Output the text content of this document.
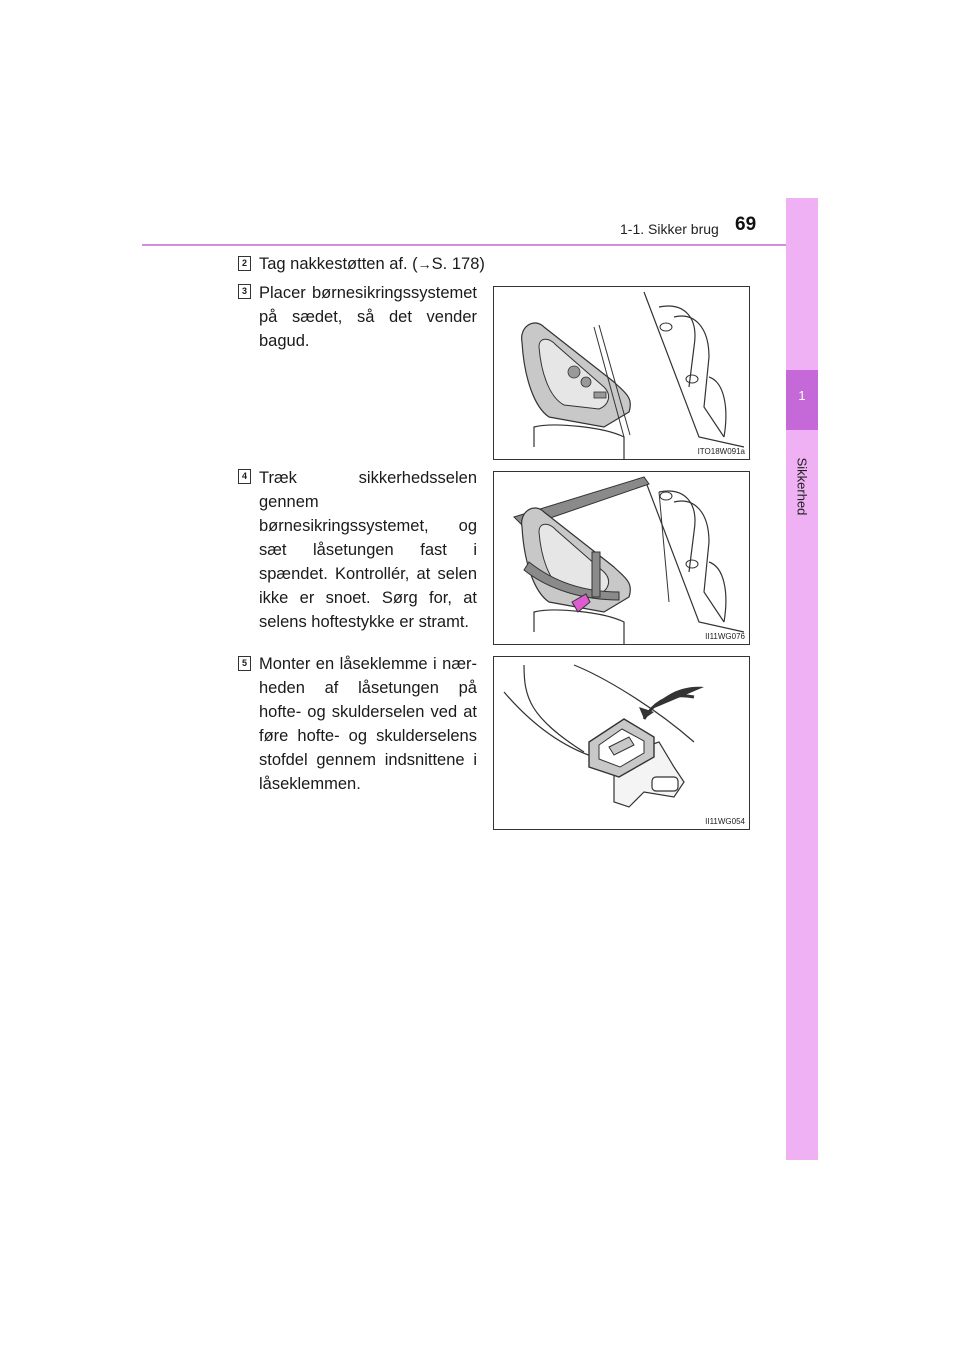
1-1. Sikker brug 69
1
Sikkerhed
2 Tag nakkestøtten af. (→S. 178)
3 Placer børnesikringssystemet på sædet, så det vender bagud.
ITO18W091a
4 Træk sikkerhedsselen gennem børnesikringssystemet, og sæt låsetungen fast i spændet. Kontrollér, at selen ikke er snoet. Sørg for, at selens hoftestykke er stramt.
II11WG076
5 Monter en låseklemme i nær-heden af låsetungen på hofte- og skulderselen ved at føre hofte- og skulderselens stofdel gennem indsnittene i låseklemmen.
II11WG054
